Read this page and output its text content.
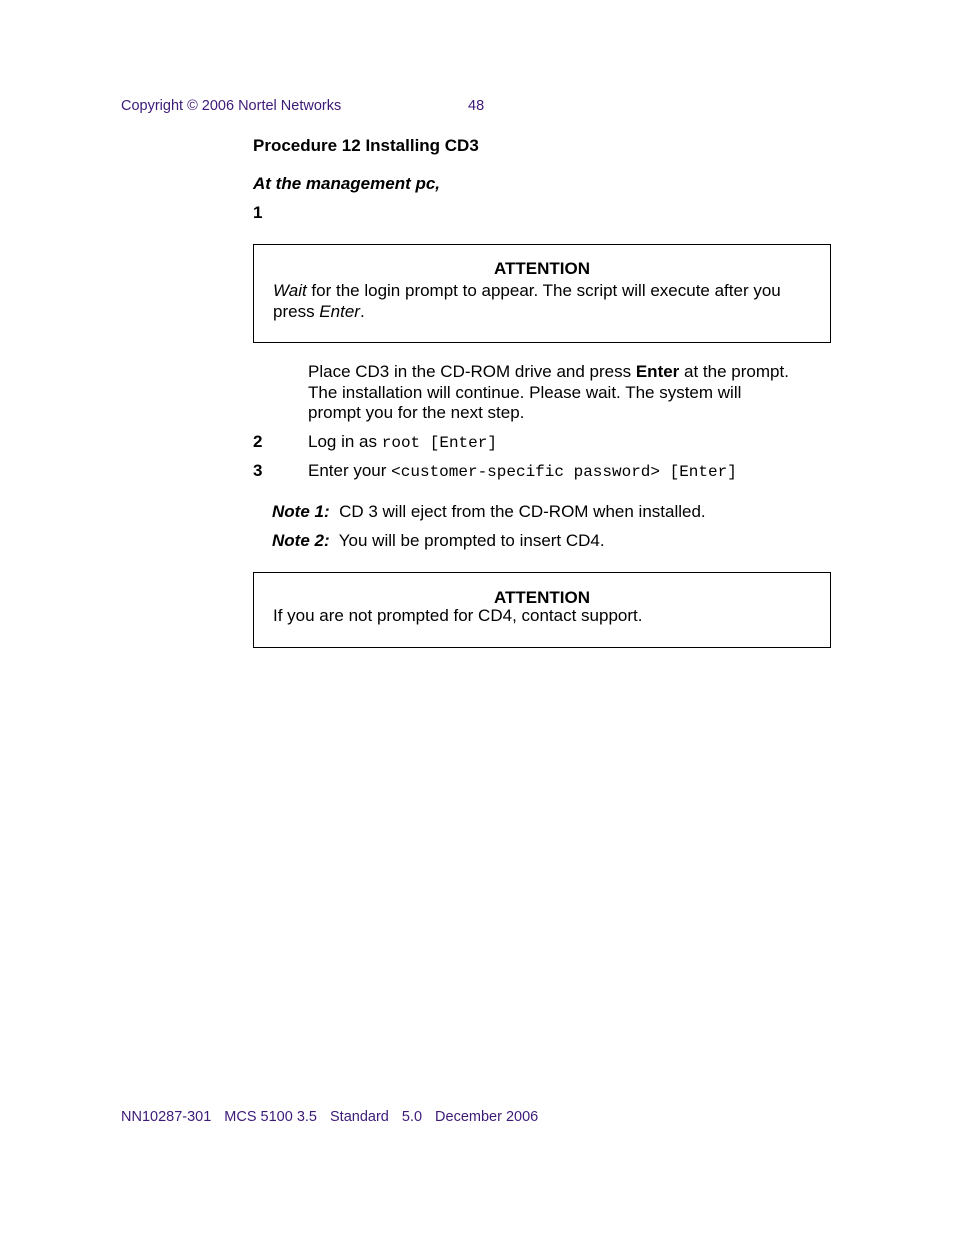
Copyright © 2006 Nortel Networks	48
Procedure 12 Installing CD3
At the management pc,
1
ATTENTION
Wait for the login prompt to appear. The script will execute after you press Enter.
Place CD3 in the CD-ROM drive and press Enter at the prompt.
The installation will continue. Please wait. The system will
prompt you for the next step.
2	Log in as root [Enter]
3	Enter your <customer-specific password> [Enter]
Note 1: CD 3 will eject from the CD-ROM when installed.
Note 2: You will be prompted to insert CD4.
ATTENTION
If you are not prompted for CD4, contact support.
NN10287-301 MCS 5100 3.5 Standard 5.0 December 2006
